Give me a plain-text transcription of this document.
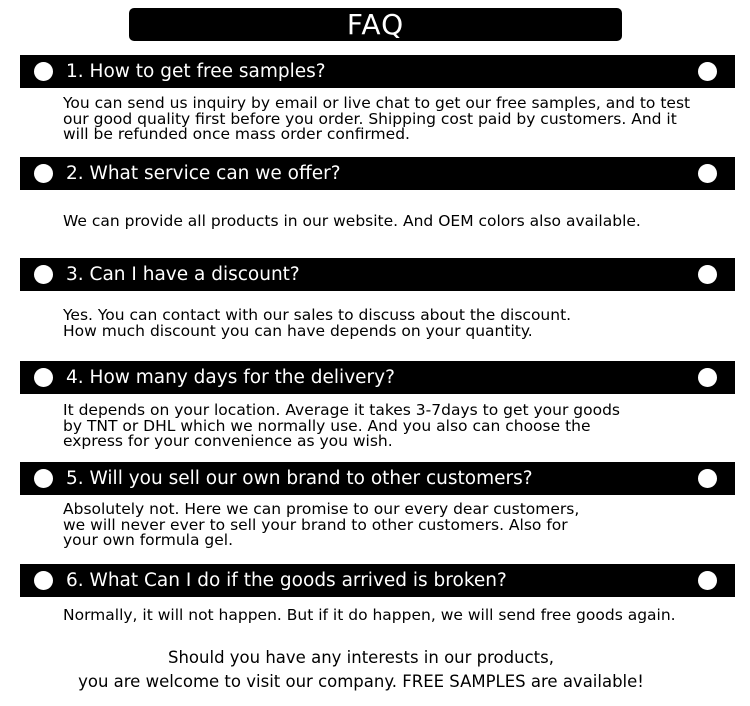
FAQ
1. How to get free samples?
You can send us inquiry by email or live chat to get our free samples, and to test
our good quality first before you order. Shipping cost paid by customers. And it
will be refunded once mass order confirmed.
2. What service can we offer?
We can provide all products in our website. And OEM colors also available.
3. Can I have a discount?
Yes. You can contact with our sales to discuss about the discount.
How much discount you can have depends on your quantity.
4. How many days for the delivery?
It depends on your location. Average it takes 3-7days to get your goods
by TNT or DHL which we normally use. And you also can choose the
express for your convenience as you wish.
5. Will you sell our own brand to other customers?
Absolutely not. Here we can promise to our every dear customers,
we will never ever to sell your brand to other customers. Also for
your own formula gel.
6. What Can I do if the goods arrived is broken?
Normally, it will not happen. But if it do happen, we will send free goods again.
Should you have any interests in our products,
you are welcome to visit our company. FREE SAMPLES are available!
